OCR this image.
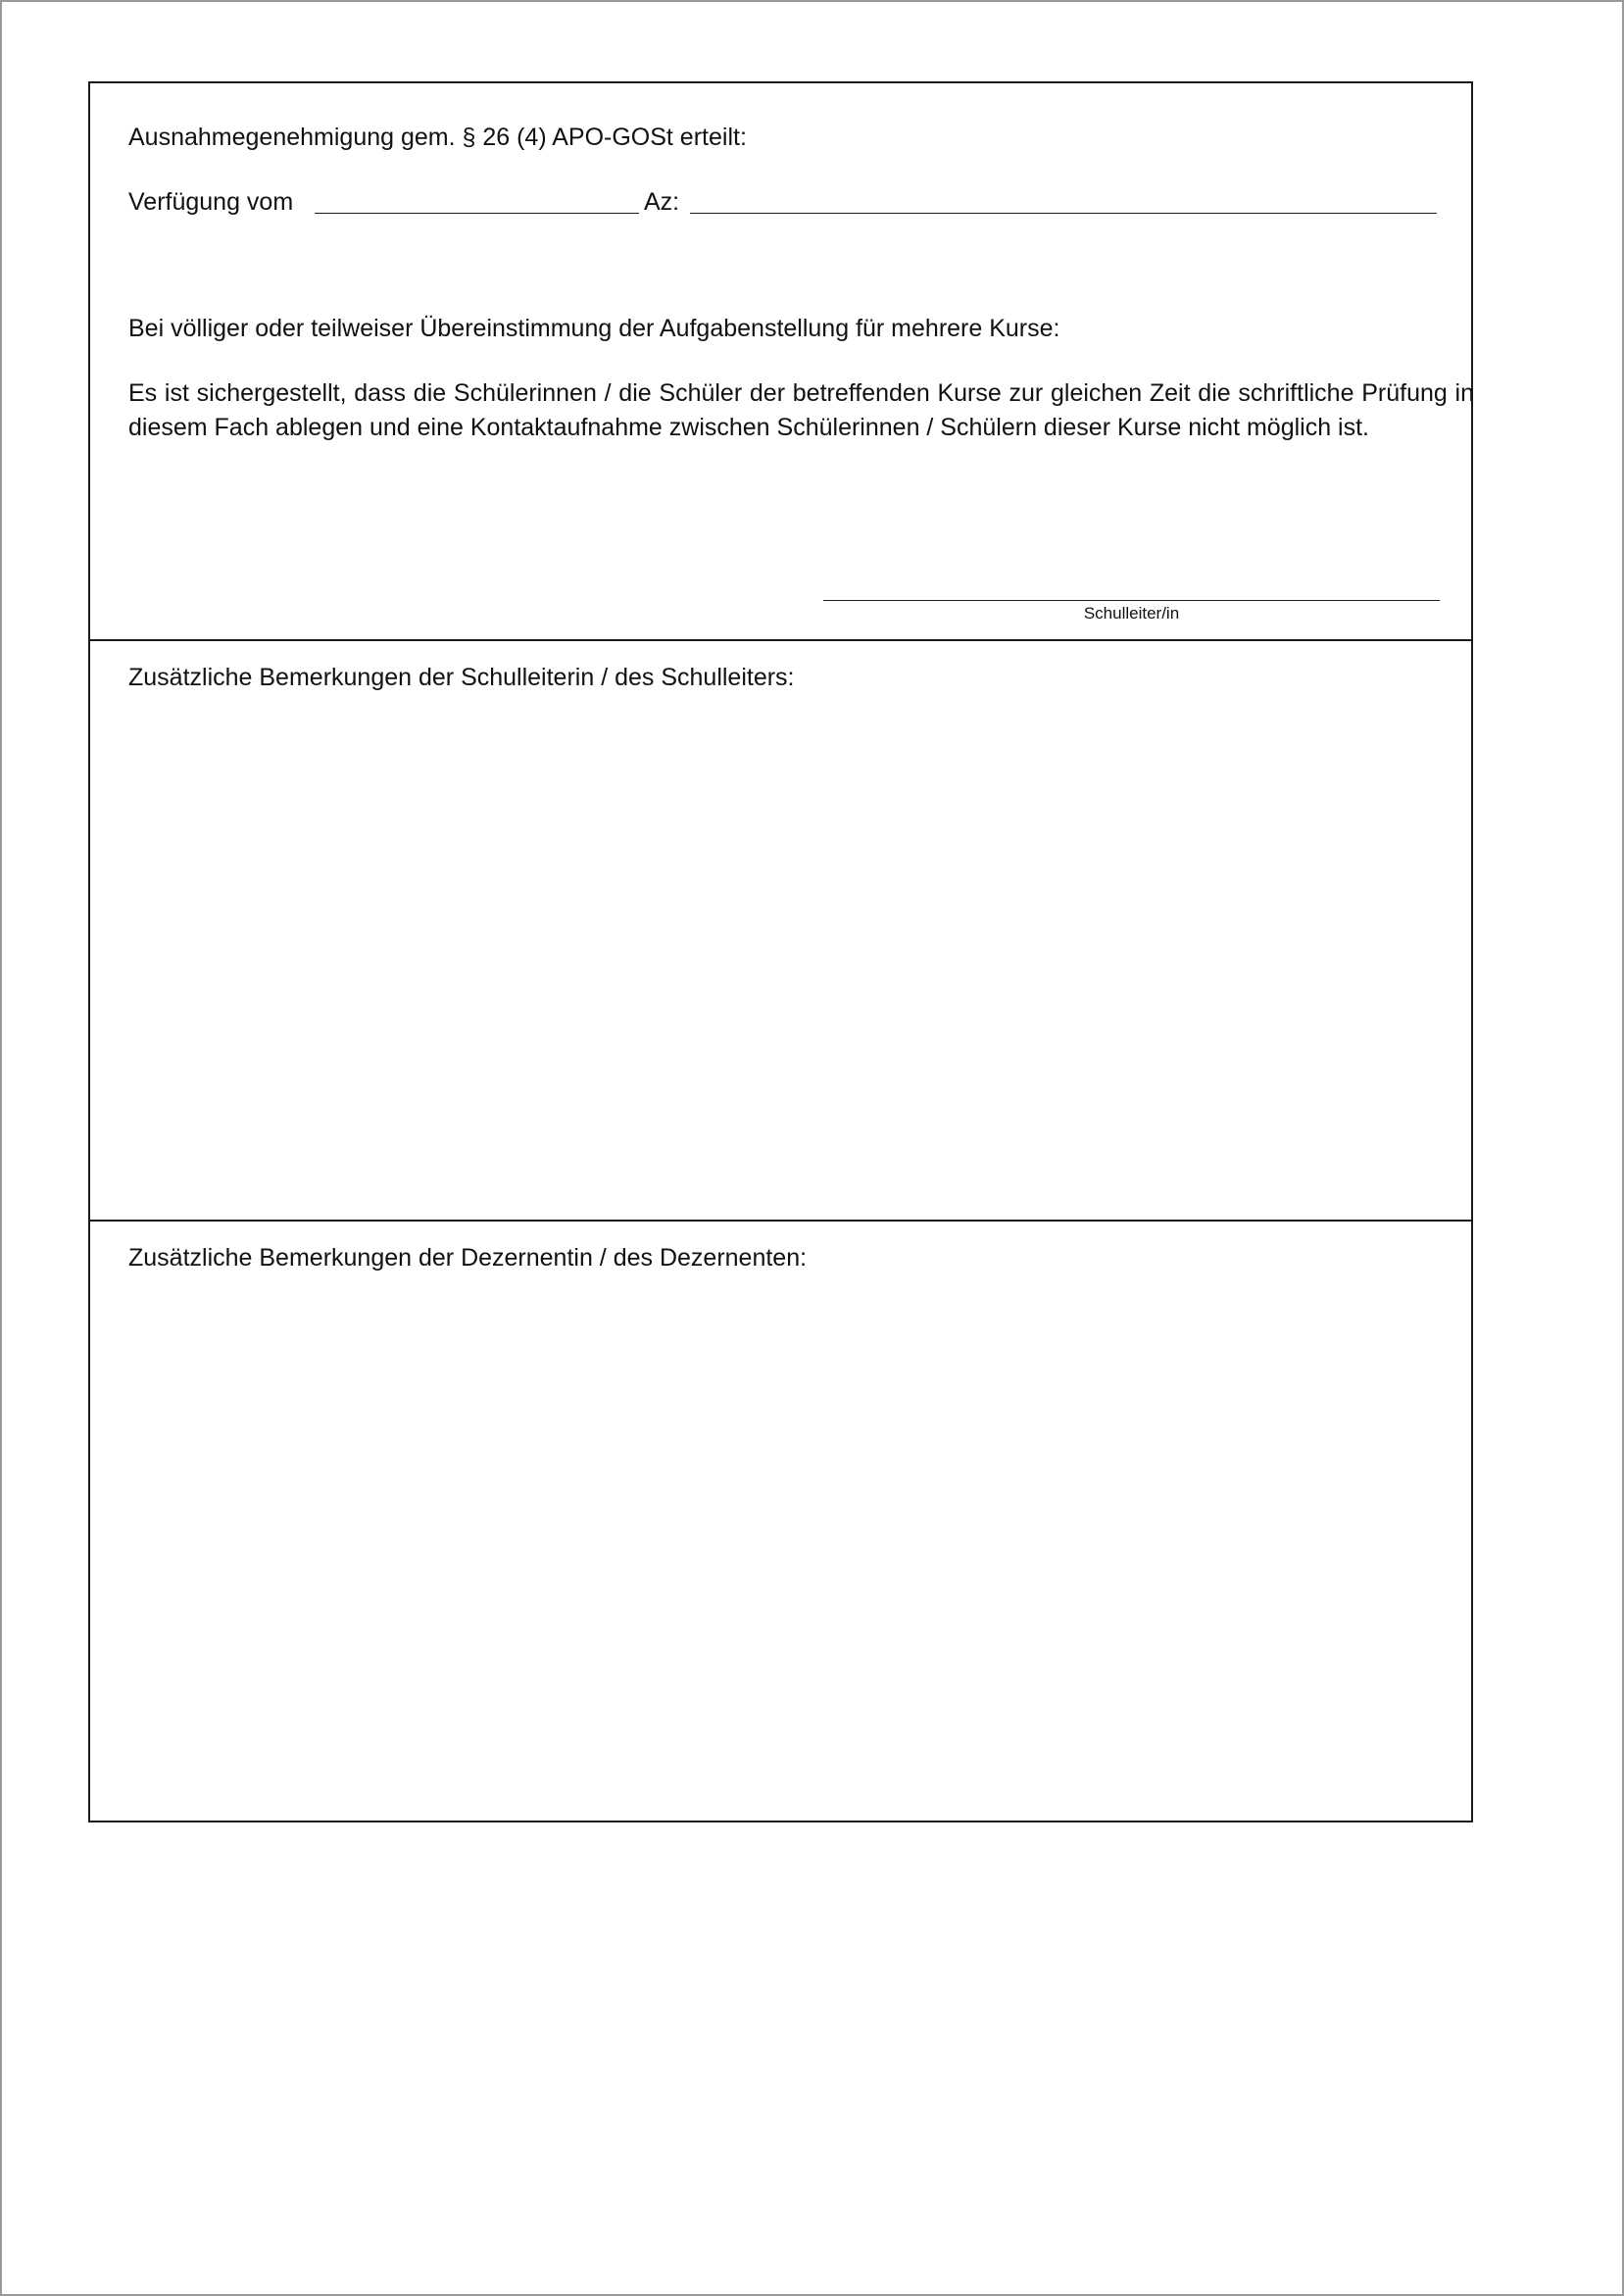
Ausnahmegenehmigung gem. § 26 (4) APO-GOSt erteilt:
Verfügung vom	Az:
Bei völliger oder teilweiser Übereinstimmung der Aufgabenstellung für mehrere Kurse:
Es ist sichergestellt, dass die Schülerinnen / die Schüler der betreffenden Kurse zur gleichen Zeit die schriftliche Prüfung in diesem Fach ablegen und eine Kontaktaufnahme zwischen Schülerinnen / Schülern dieser Kurse nicht möglich ist.
Schulleiter/in
Zusätzliche Bemerkungen der Schulleiterin / des Schulleiters:
Zusätzliche Bemerkungen der Dezernentin / des Dezernenten:
